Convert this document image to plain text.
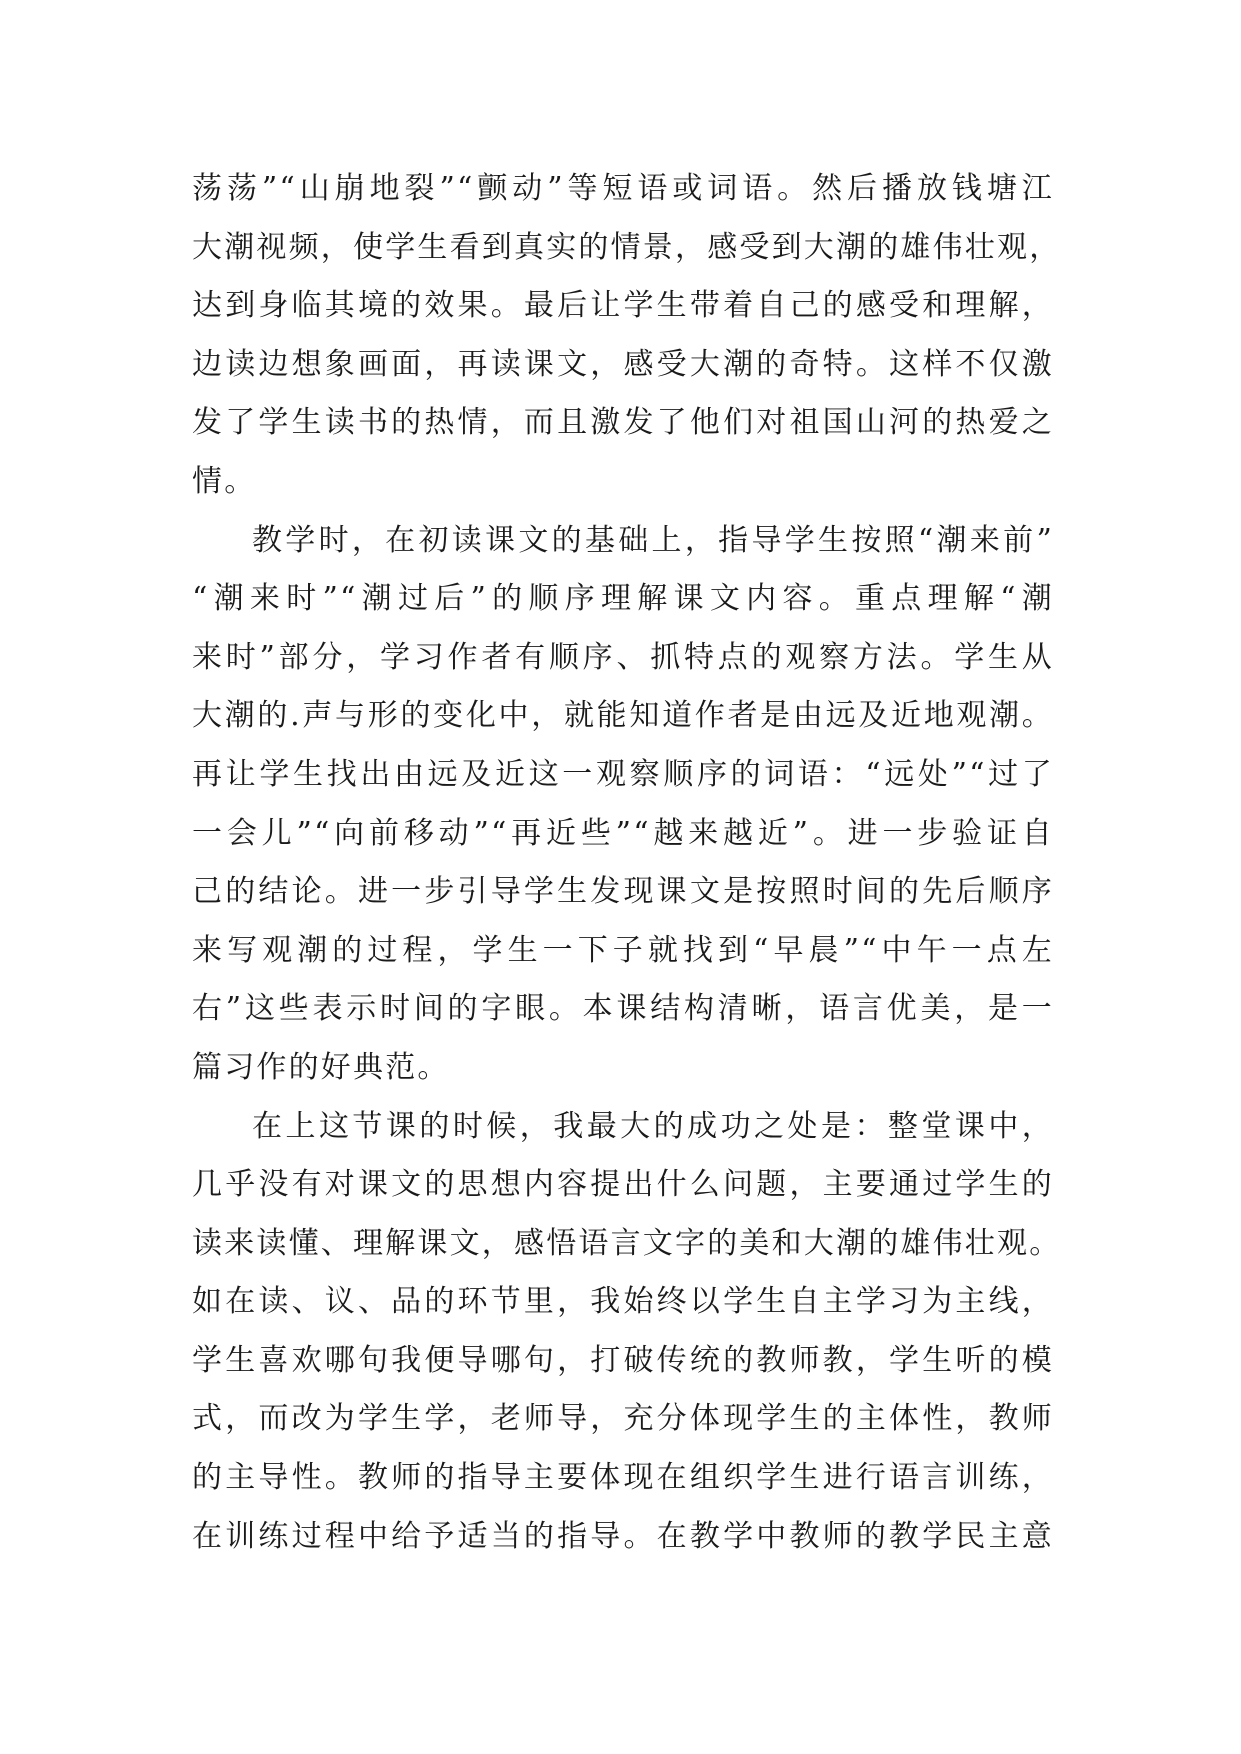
荡荡”“山崩地裂”“颤动”等短语或词语。然后播放钱塘江
大潮视频，使学生看到真实的情景，感受到大潮的雄伟壮观，
达到身临其境的效果。最后让学生带着自己的感受和理解，
边读边想象画面，再读课文，感受大潮的奇特。这样不仅激
发了学生读书的热情，而且激发了他们对祖国山河的热爱之
情。
教学时，在初读课文的基础上，指导学生按照“潮来前”
“潮来时”“潮过后”的顺序理解课文内容。重点理解“潮
来时”部分，学习作者有顺序、抓特点的观察方法。学生从
大潮的.声与形的变化中，就能知道作者是由远及近地观潮。
再让学生找出由远及近这一观察顺序的词语：“远处”“过了
一会儿”“向前移动”“再近些”“越来越近”。进一步验证自
己的结论。进一步引导学生发现课文是按照时间的先后顺序
来写观潮的过程，学生一下子就找到“早晨”“中午一点左
右”这些表示时间的字眼。本课结构清晰，语言优美，是一
篇习作的好典范。
在上这节课的时候，我最大的成功之处是：整堂课中，
几乎没有对课文的思想内容提出什么问题，主要通过学生的
读来读懂、理解课文，感悟语言文字的美和大潮的雄伟壮观。
如在读、议、品的环节里，我始终以学生自主学习为主线，
学生喜欢哪句我便导哪句，打破传统的教师教，学生听的模
式，而改为学生学，老师导，充分体现学生的主体性，教师
的主导性。教师的指导主要体现在组织学生进行语言训练，
在训练过程中给予适当的指导。在教学中教师的教学民主意
